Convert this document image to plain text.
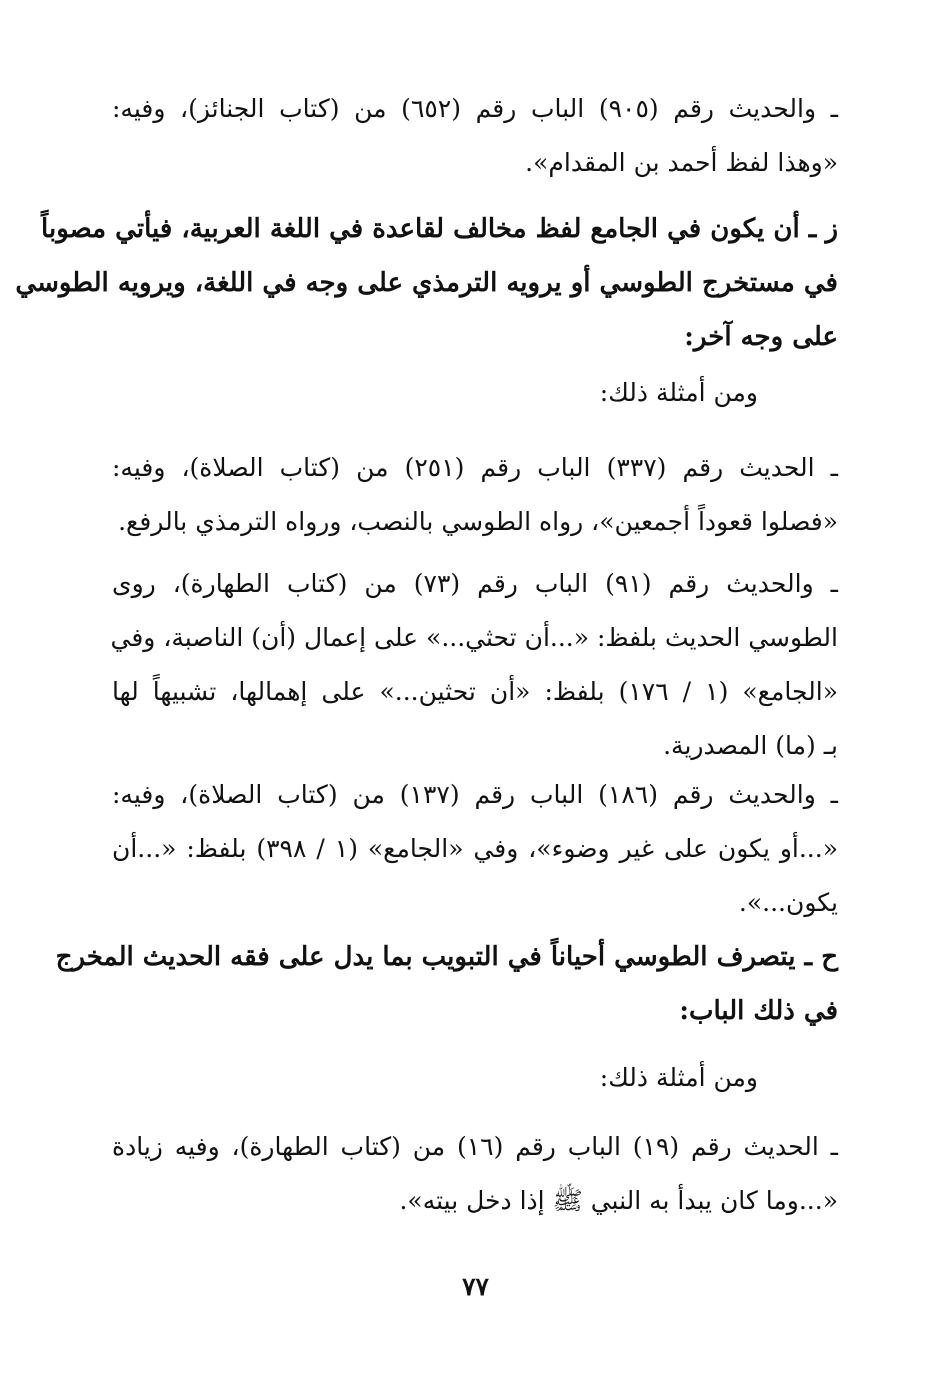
ـ والحديث رقم (٩٠٥) الباب رقم (٦٥٢) من (كتاب الجنائز)، وفيه:
«وهذا لفظ أحمد بن المقدام».
ز ـ أن يكون في الجامع لفظ مخالف لقاعدة في اللغة العربية، فيأتي مصوباً
في مستخرج الطوسي أو يرويه الترمذي على وجه في اللغة، ويرويه الطوسي
على وجه آخر:
ومن أمثلة ذلك:
ـ الحديث رقم (٣٣٧) الباب رقم (٢٥١) من (كتاب الصلاة)، وفيه:
«فصلوا قعوداً أجمعين»، رواه الطوسي بالنصب، ورواه الترمذي بالرفع.
ـ والحديث رقم (٩١) الباب رقم (٧٣) من (كتاب الطهارة)، روى
الطوسي الحديث بلفظ: «...أن تحثي...» على إعمال (أن) الناصبة، وفي
«الجامع» (١ / ١٧٦) بلفظ: «أن تحثين...» على إهمالها، تشبيهاً لها
بـ (ما) المصدرية.
ـ والحديث رقم (١٨٦) الباب رقم (١٣٧) من (كتاب الصلاة)، وفيه:
«...أو يكون على غير وضوء»، وفي «الجامع» (١ / ٣٩٨) بلفظ: «...أن
يكون...».
ح ـ يتصرف الطوسي أحياناً في التبويب بما يدل على فقه الحديث المخرج
في ذلك الباب:
ومن أمثلة ذلك:
ـ الحديث رقم (١٩) الباب رقم (١٦) من (كتاب الطهارة)، وفيه زيادة
«...وما كان يبدأ به النبي ﷺ إذا دخل بيته».
٧٧
